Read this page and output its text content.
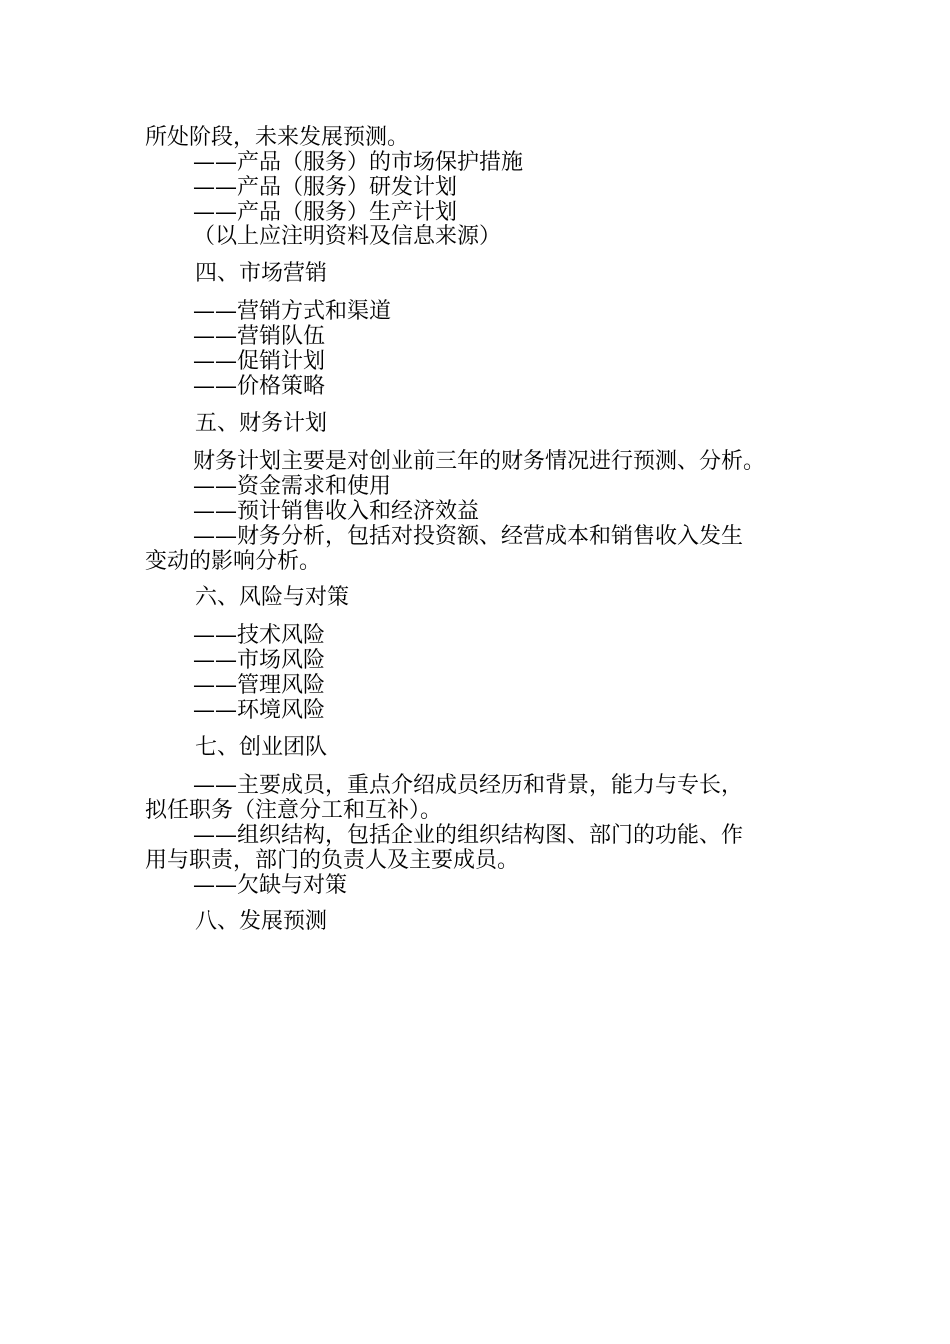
所处阶段，未来发展预测。
——产品（服务）的市场保护措施
——产品（服务）研发计划
——产品（服务）生产计划
（以上应注明资料及信息来源）
四、市场营销
——营销方式和渠道
——营销队伍
——促销计划
——价格策略
五、财务计划
财务计划主要是对创业前三年的财务情况进行预测、分析。
——资金需求和使用
——预计销售收入和经济效益
——财务分析，包括对投资额、经营成本和销售收入发生
变动的影响分析。
六、风险与对策
——技术风险
——市场风险
——管理风险
——环境风险
七、创业团队
——主要成员，重点介绍成员经历和背景，能力与专长，
拟任职务（注意分工和互补）。
——组织结构，包括企业的组织结构图、部门的功能、作
用与职责，部门的负责人及主要成员。
——欠缺与对策
八、发展预测
